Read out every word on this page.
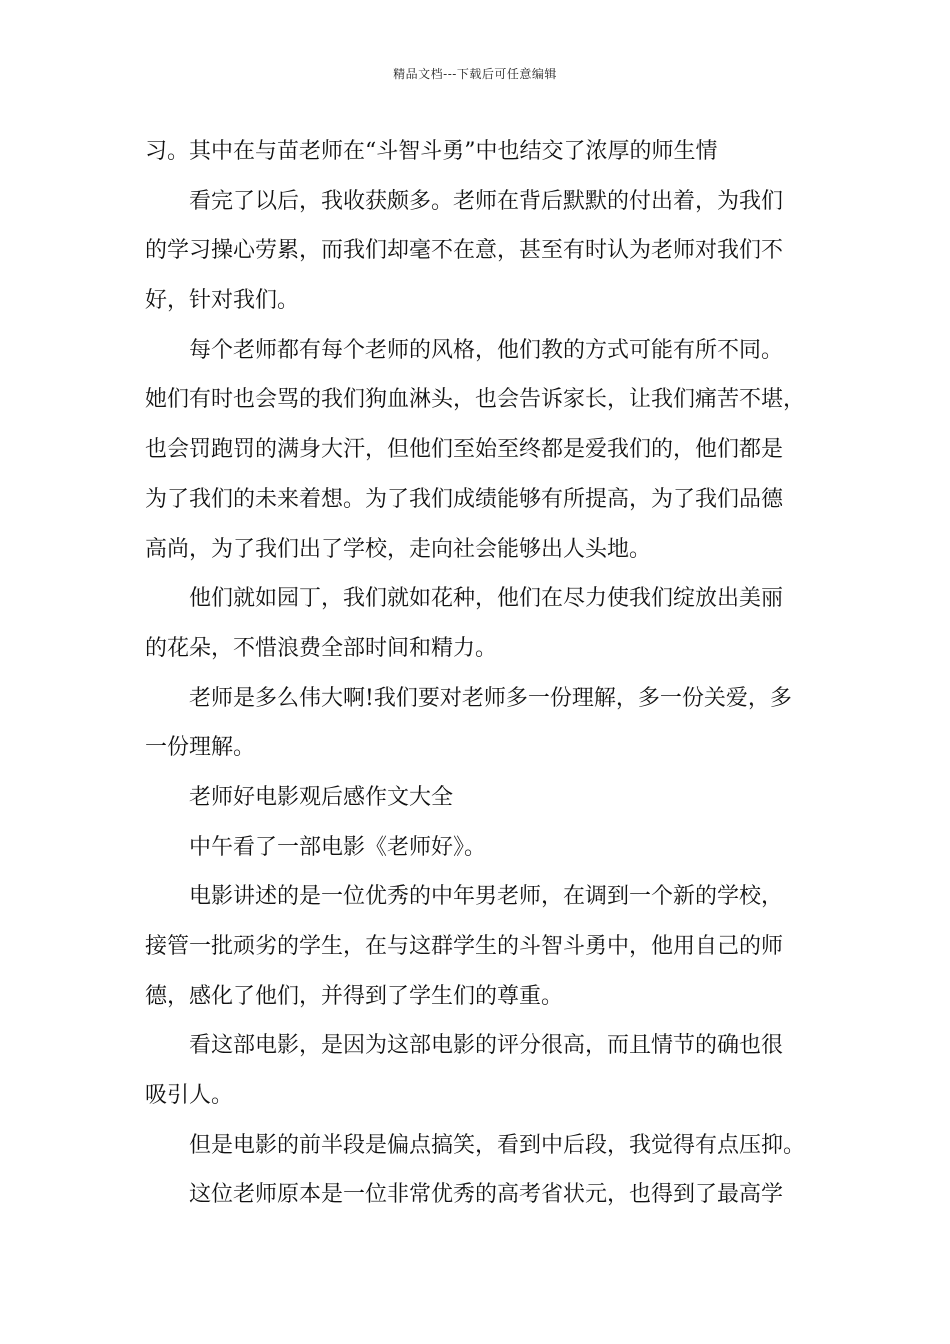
精品文档---下载后可任意编辑
习。其中在与苗老师在“斗智斗勇”中也结交了浓厚的师生情
看完了以后，我收获颇多。老师在背后默默的付出着，为我们
的学习操心劳累，而我们却毫不在意，甚至有时认为老师对我们不
好，针对我们。
每个老师都有每个老师的风格，他们教的方式可能有所不同。
她们有时也会骂的我们狗血淋头，也会告诉家长，让我们痛苦不堪，
也会罚跑罚的满身大汗，但他们至始至终都是爱我们的，他们都是
为了我们的未来着想。为了我们成绩能够有所提高，为了我们品德
高尚，为了我们出了学校，走向社会能够出人头地。
他们就如园丁，我们就如花种，他们在尽力使我们绽放出美丽
的花朵，不惜浪费全部时间和精力。
老师是多么伟大啊!我们要对老师多一份理解，多一份关爱，多
一份理解。
老师好电影观后感作文大全
中午看了一部电影《老师好》。
电影讲述的是一位优秀的中年男老师，在调到一个新的学校，
接管一批顽劣的学生，在与这群学生的斗智斗勇中，他用自己的师
德，感化了他们，并得到了学生们的尊重。
看这部电影，是因为这部电影的评分很高，而且情节的确也很
吸引人。
但是电影的前半段是偏点搞笑，看到中后段，我觉得有点压抑。
这位老师原本是一位非常优秀的高考省状元，也得到了最高学
